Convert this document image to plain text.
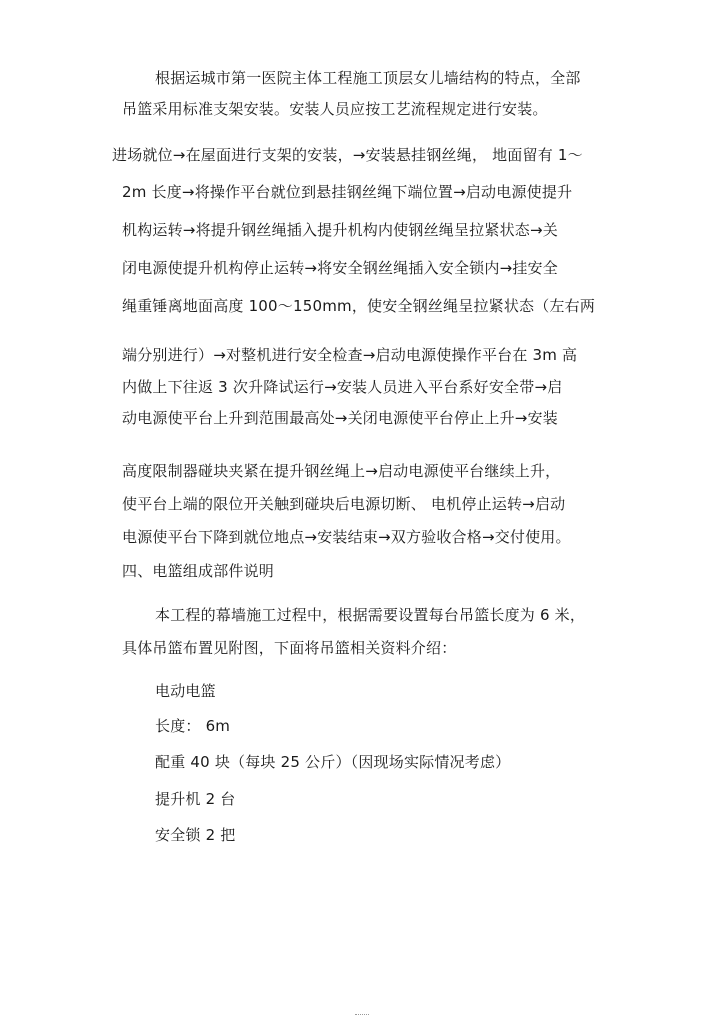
根据运城市第一医院主体工程施工顶层女儿墙结构的特点，全部
吊篮采用标准支架安装。安装人员应按工艺流程规定进行安装。
进场就位→在屋面进行支架的安装，→安装悬挂钢丝绳， 地面留有 1～
2m 长度→将操作平台就位到悬挂钢丝绳下端位置→启动电源使提升
机构运转→将提升钢丝绳插入提升机构内使钢丝绳呈拉紧状态→关
闭电源使提升机构停止运转→将安全钢丝绳插入安全锁内→挂安全
绳重锤离地面高度 100～150mm，使安全钢丝绳呈拉紧状态（左右两
端分别进行）→对整机进行安全检查→启动电源使操作平台在 3m 高
内做上下往返 3 次升降试运行→安装人员进入平台系好安全带→启
动电源使平台上升到范围最高处→关闭电源使平台停止上升→安装
高度限制器碰块夹紧在提升钢丝绳上→启动电源使平台继续上升，
使平台上端的限位开关触到碰块后电源切断、 电机停止运转→启动
电源使平台下降到就位地点→安装结束→双方验收合格→交付使用。
四、电篮组成部件说明
本工程的幕墙施工过程中，根据需要设置每台吊篮长度为 6 米，
具体吊篮布置见附图，下面将吊篮相关资料介绍：
电动电篮
长度： 6m
配重 40 块（每块 25 公斤）（因现场实际情况考虑）
提升机 2 台
安全锁 2 把
